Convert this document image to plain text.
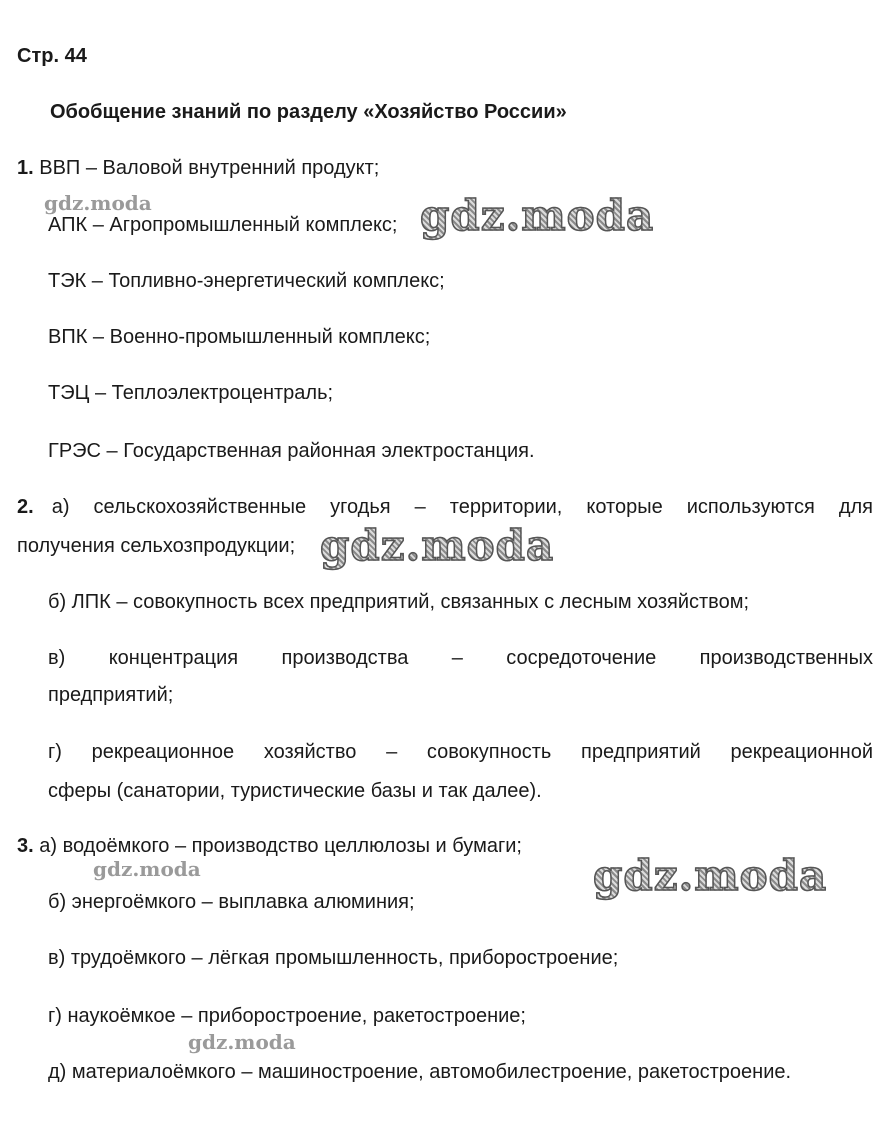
Стр. 44
Обобщение знаний по разделу «Хозяйство России»
1. ВВП – Валовой внутренний продукт;
АПК – Агропромышленный комплекс;
ТЭК – Топливно-энергетический комплекс;
ВПК – Военно-промышленный комплекс;
ТЭЦ – Теплоэлектроцентраль;
ГРЭС – Государственная районная электростанция.
2. а) сельскохозяйственные угодья – территории, которые используются для
получения сельхозпродукции;
б) ЛПК – совокупность всех предприятий, связанных с лесным хозяйством;
в) концентрация производства – сосредоточение производственных
предприятий;
г) рекреационное хозяйство – совокупность предприятий рекреационной
сферы (санатории, туристические базы и так далее).
3. а) водоёмкого – производство целлюлозы и бумаги;
б) энергоёмкого – выплавка алюминия;
в) трудоёмкого – лёгкая промышленность, приборостроение;
г) наукоёмкое – приборостроение, ракетостроение;
д) материалоёмкого – машиностроение, автомобилестроение, ракетостроение.
gdz.moda	gdz.moda
gdz.moda
gdz.moda	gdz.moda
gdz.moda
